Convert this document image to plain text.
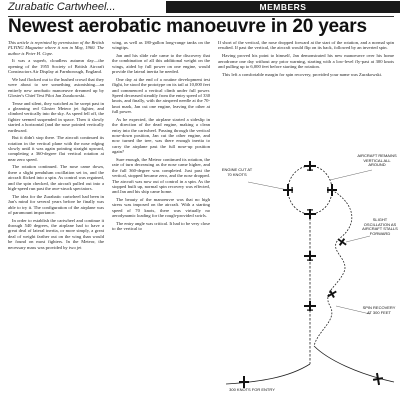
Zurabatic Cartwheel...	MEMBERS
Newest aerobatic manoeuvre in 20 years

This article is reprinted by permission of the British FLYING Magazine where it ran in May, 1960. The author is Peter H. Cope.

It was a superb, cloudless autumn day—the opening of the 1955 Society of British Aircraft Constructors Air Display at Farnborough, England.

We had flocked out to the hushed crowd that they were about to see something astonishing—an entirely new aerobatic manoeuvre dreamed up by Gloster's Chief Test Pilot Jan Zurakowski.

Tense and silent, they watched as he swept past in a gleaming red Gloster Meteor jet fighter, and climbed vertically into the sky. As speed fell off, the fighter seemed suspended in space. Then it slowly started a horizontal (and the nose pointed vertically earthward.

But it didn't stop there. The aircraft continued its rotation in the vertical plane with the nose edging slowly until it was again pointing straight upward, completing a 360-degree flat vertical rotation at near zero speed.

The rotation continued. The nose came down, there a slight pendulum oscillation set in, and the aircraft flicked into a spin. As control was regained, and the spin checked, the aircraft pulled out into a high-speed run past the awe-struck spectators.

The idea for the Zurabatic cartwheel had been in Jan's mind for several years before he finally was able to try it. The configuration of the airplane was of paramount importance.

In order to establish the cartwheel and continue it through 540 degrees, the airplane had to have a great deal of lateral inertia, or more simply, a great deal of weight farther out on the wing than would be found on most fighters. In the Meteor, the necessary mass was provided by two jet

wing, as well as 180-gallon long-range tanks on the wingtips.

Jan and his slide rule came to the discovery that the combination of all this additional weight on the wings, aided by full power on one engine, would provide the lateral inertia he needed.

One day at the end of a routine development test flight, he stood the prototype on its tail at 10,000 feet and commenced a vertical climb under full power. Speed decreased steadily from the entry speed of 330 knots, and finally, with the airspeed needle at the 70-knot mark, Jan cut one engine, leaving the other at full power.

As he expected, the airplane started a sideslip in the direction of the dead engine, making a clean entry into the cartwheel. Passing through the vertical nose-down position, Jan cut the other engine, and now turned the tree, was there enough inertia to carry the airplane past the full nose-up position again?

Sure enough, the Meteor continued its rotation, the rate of turn decreasing as the nose came higher, and the full 360-degree was completed. Just past the vertical, stopped became zero, and the nose dropped. The aircraft was now out of control in a spin. As the stopped built up, normal spin recovery was effected, and Jan and his ship came home.

The beauty of the manoeuvre was that no high stress was imposed on the aircraft. With a starting speed of 70 knots, there was virtually no aerodynamic loading for the rough-provided swirls.

The entry angle was critical. It had to be very close to the vertical to

If short of the vertical, the nose dropped forward at the start of the rotation, and a normal spin resulted. If past the vertical, the aircraft would flip on its back, followed by an inverted spin.

Having proved his point to himself, Jan demonstrated his new manoeuvre over his home aerodrome one day without any prior warning, starting with a low-level fly-past at 300 knots and pulling up to 6,000 feet before starting the rotation.

This left a comfortable margin for spin recovery, provided your name was Zurakowski.

ENGINE CUT AT 70 KNOTS
AIRCRAFT REMAINS VERTICAL ALL AROUND
SLIGHT OSCILLATION AS AIRCRAFT STALLS FORWARD
SPIN RECOVERY AT 300 FEET
300 KNOTS FOR ENTRY
